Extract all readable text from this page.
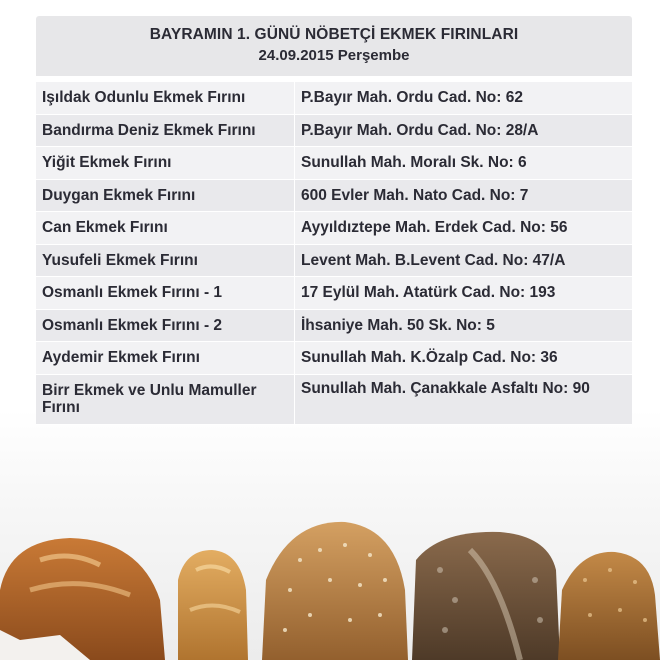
BAYRAMIN 1. GÜNÜ NÖBETÇİ EKMEK FIRINLARI
24.09.2015 Perşembe
Işıldak Odunlu Ekmek Fırını	P.Bayır Mah. Ordu Cad. No: 62
Bandırma Deniz Ekmek Fırını	P.Bayır Mah. Ordu Cad. No: 28/A
Yiğit Ekmek Fırını	Sunullah Mah. Moralı Sk. No: 6
Duygan Ekmek Fırını	600 Evler Mah. Nato Cad. No: 7
Can Ekmek Fırını	Ayyıldıztepe Mah. Erdek Cad. No: 56
Yusufeli Ekmek Fırını	Levent Mah. B.Levent Cad. No: 47/A
Osmanlı Ekmek Fırını - 1	17 Eylül Mah. Atatürk Cad. No: 193
Osmanlı Ekmek Fırını - 2	İhsaniye Mah. 50 Sk. No: 5
Aydemir Ekmek Fırını	Sunullah Mah. K.Özalp Cad. No: 36
Birr Ekmek ve Unlu Mamuller Fırını	Sunullah Mah. Çanakkale Asfaltı No: 90
